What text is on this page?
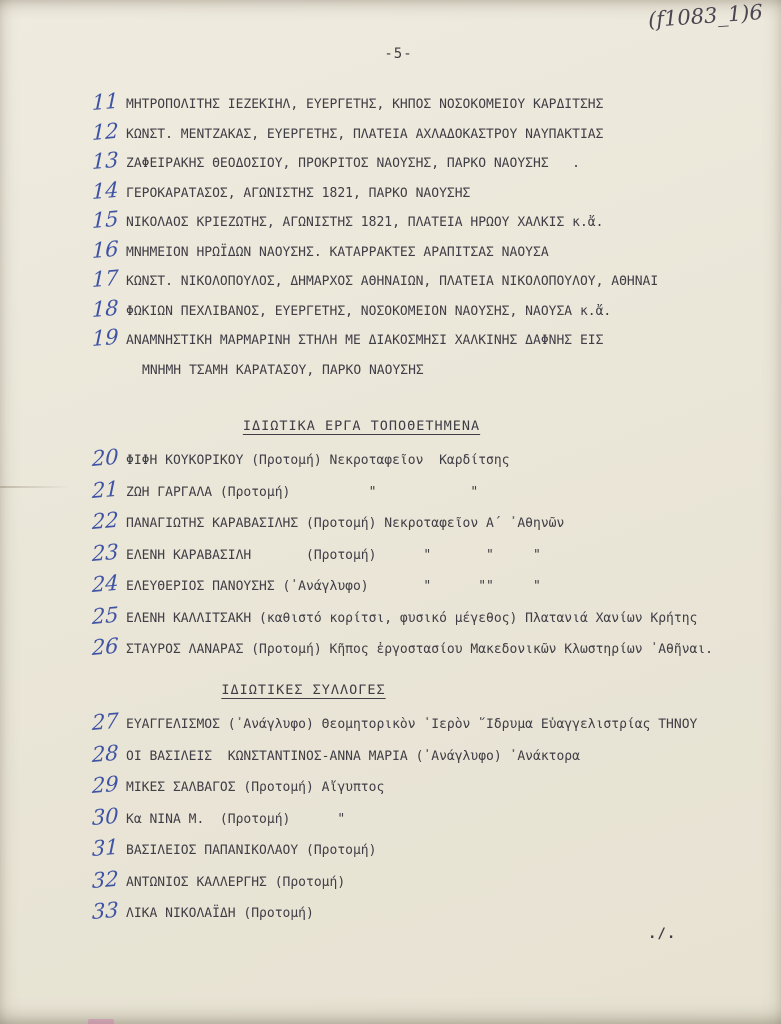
(f1083_1)6
-5-
11 ΜΗΤΡΟΠΟΛΙΤΗΣ ΙΕΖΕΚΙΗΛ, ΕΥΕΡΓΕΤΗΣ, ΚΗΠΟΣ ΝΟΣΟΚΟΜΕΙΟΥ ΚΑΡΔΙΤΣΗΣ
12 ΚΩΝΣΤ. ΜΕΝΤΖΑΚΑΣ, ΕΥΕΡΓΕΤΗΣ, ΠΛΑΤΕΙΑ ΑΧΛΑΔΟΚΑΣΤΡΟΥ ΝΑΥΠΑΚΤΙΑΣ
13 ΖΑΦΕΙΡΑΚΗΣ ΘΕΟΔΟΣΙΟΥ, ΠΡΟΚΡΙΤΟΣ ΝΑΟΥΣΗΣ, ΠΑΡΚΟ ΝΑΟΥΣΗΣ   .
14 ΓΕΡΟΚΑΡΑΤΑΣΟΣ, ΑΓΩΝΙΣΤΗΣ 1821, ΠΑΡΚΟ ΝΑΟΥΣΗΣ
15 ΝΙΚΟΛΑΟΣ ΚΡΙΕΖΩΤΗΣ, ΑΓΩΝΙΣΤΗΣ 1821, ΠΛΑΤΕΙΑ ΗΡΩΟΥ ΧΑΛΚΙΣ κ.ἄ.
16 ΜΝΗΜΕΙΟΝ ΗΡΩΪΔΩΝ ΝΑΟΥΣΗΣ. ΚΑΤΑΡΡΑΚΤΕΣ ΑΡΑΠΙΤΣΑΣ ΝΑΟΥΣΑ
17 ΚΩΝΣΤ. ΝΙΚΟΛΟΠΟΥΛΟΣ, ΔΗΜΑΡΧΟΣ ΑΘΗΝΑΙΩΝ, ΠΛΑΤΕΙΑ ΝΙΚΟΛΟΠΟΥΛΟΥ, ΑΘΗΝΑΙ
18 ΦΩΚΙΩΝ ΠΕΧΛΙΒΑΝΟΣ, ΕΥΕΡΓΕΤΗΣ, ΝΟΣΟΚΟΜΕΙΟΝ ΝΑΟΥΣΗΣ, ΝΑΟΥΣΑ κ.ἄ.
19 ΑΝΑΜΝΗΣΤΙΚΗ ΜΑΡΜΑΡΙΝΗ ΣΤΗΛΗ ΜΕ ΔΙΑΚΟΣΜΗΣΙ ΧΑΛΚΙΝΗΣ ΔΑΦΝΗΣ ΕΙΣ
ΜΝΗΜΗ ΤΣΑΜΗ ΚΑΡΑΤΑΣΟΥ, ΠΑΡΚΟ ΝΑΟΥΣΗΣ
ΙΔΙΩΤΙΚΑ ΕΡΓΑ ΤΟΠΟΘΕΤΗΜΕΝΑ
20 ΦΙΦΗ ΚΟΥΚΟΡΙΚΟΥ (Προτομή) Νεκροταφεῖον  Καρδίτσης
21 ΖΩΗ ΓΑΡΓΑΛΑ (Προτομή)          "            "
22 ΠΑΝΑΓΙΩΤΗΣ ΚΑΡΑΒΑΣΙΛΗΣ (Προτομή) Νεκροταφεῖον Α´ ᾽Αθηνῶν
23 ΕΛΕΝΗ ΚΑΡΑΒΑΣΙΛΗ       (Προτομή)      "       "     "
24 ΕΛΕΥΘΕΡΙΟΣ ΠΑΝΟΥΣΗΣ (᾽Ανάγλυφο)       "      ""     "
25 ΕΛΕΝΗ ΚΑΛΛΙΤΣΑΚΗ (καθιστό κορίτσι, φυσικό μέγεθος) Πλατανιά Χανίων Κρήτης
26 ΣΤΑΥΡΟΣ ΛΑΝΑΡΑΣ (Προτομή) Κῆπος ἐργοστασίου Μακεδονικῶν Κλωστηρίων ᾽Αθῆναι.
ΙΔΙΩΤΙΚΕΣ ΣΥΛΛΟΓΕΣ
27 ΕΥΑΓΓΕΛΙΣΜΟΣ (᾽Ανάγλυφο) Θεομητορικὸν ῾Ιερὸν ῞Ιδρυμα Εὐαγγελιστρίας ΤΗΝΟΥ
28 ΟΙ ΒΑΣΙΛΕΙΣ  ΚΩΝΣΤΑΝΤΙΝΟΣ-ΑΝΝΑ ΜΑΡΙΑ (᾽Ανάγλυφο) ᾽Ανάκτορα
29 ΜΙΚΕΣ ΣΑΛΒΑΓΟΣ (Προτομή) Αἴγυπτος
30 Κα ΝΙΝΑ Μ.  (Προτομή)      "
31 ΒΑΣΙΛΕΙΟΣ ΠΑΠΑΝΙΚΟΛΑΟΥ (Προτομή)
32 ΑΝΤΩΝΙΟΣ ΚΑΛΛΕΡΓΗΣ (Προτομή)
33 ΛΙΚΑ ΝΙΚΟΛΑΪΔΗ (Προτομή)
./.
